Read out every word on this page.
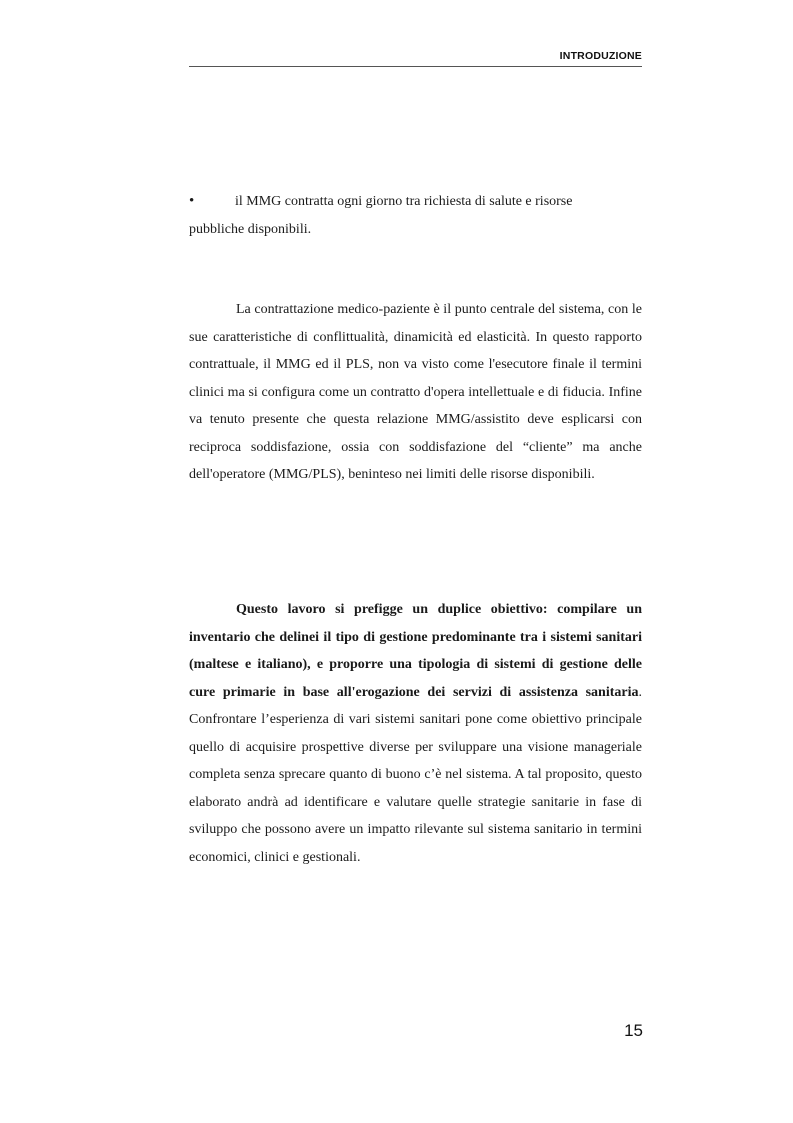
INTRODUZIONE
•	il MMG contratta ogni giorno tra richiesta di salute e risorse
pubbliche disponibili.

La contrattazione medico-paziente è il punto centrale del sistema, con le sue caratteristiche di conflittualità, dinamicità ed elasticità. In questo rapporto contrattuale, il MMG ed il PLS, non va visto come l'esecutore finale il termini clinici ma si configura come un contratto d'opera intellettuale e di fiducia. Infine va tenuto presente che questa relazione MMG/assistito deve esplicarsi con reciproca soddisfazione, ossia con soddisfazione del “cliente” ma anche dell'operatore (MMG/PLS), beninteso nei limiti delle risorse disponibili.

Questo lavoro si prefigge un duplice obiettivo: compilare un inventario che delinei il tipo di gestione predominante tra i sistemi sanitari (maltese e italiano), e proporre una tipologia di sistemi di gestione delle cure primarie in base all'erogazione dei servizi di assistenza sanitaria. Confrontare l’esperienza di vari sistemi sanitari pone come obiettivo principale quello di acquisire prospettive diverse per sviluppare una visione manageriale completa senza sprecare quanto di buono c’è nel sistema. A tal proposito, questo elaborato andrà ad identificare e valutare quelle strategie sanitarie in fase di sviluppo che possono avere un impatto rilevante sul sistema sanitario in termini economici, clinici e gestionali.

15
